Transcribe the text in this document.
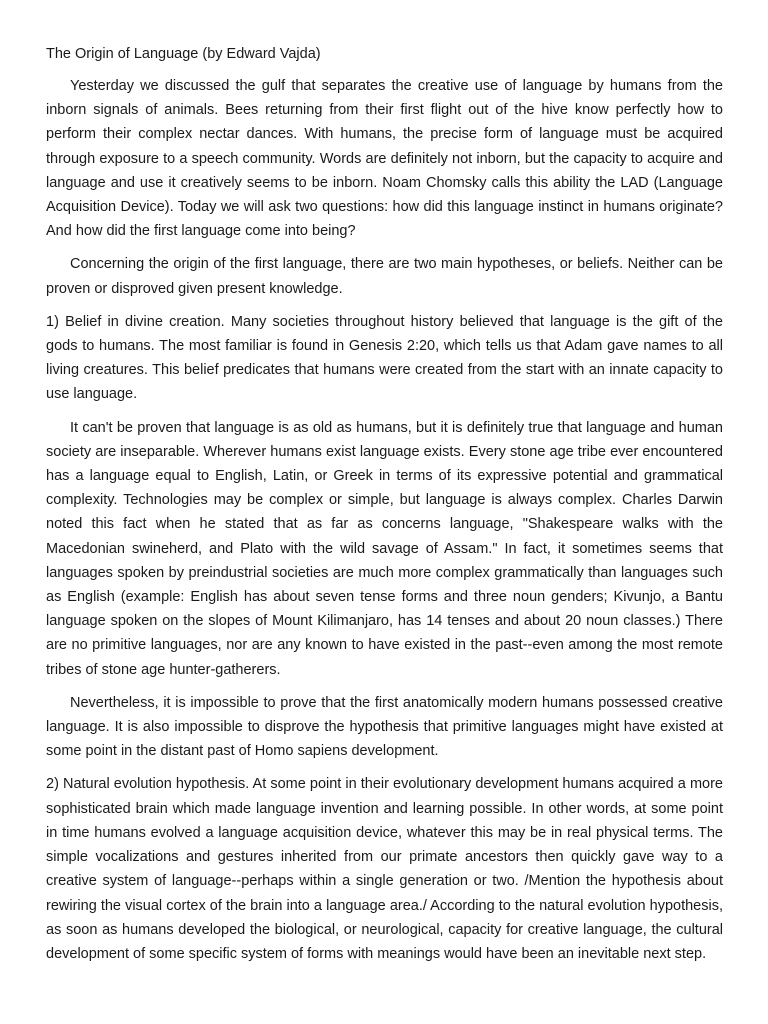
The Origin of Language (by Edward Vajda)

Yesterday we discussed the gulf that separates the creative use of language by humans from the inborn signals of animals. Bees returning from their first flight out of the hive know perfectly how to perform their complex nectar dances. With humans, the precise form of language must be acquired through exposure to a speech community. Words are definitely not inborn, but the capacity to acquire and language and use it creatively seems to be inborn. Noam Chomsky calls this ability the LAD (Language Acquisition Device). Today we will ask two questions: how did this language instinct in humans originate? And how did the first language come into being?

Concerning the origin of the first language, there are two main hypotheses, or beliefs. Neither can be proven or disproved given present knowledge.

1) Belief in divine creation. Many societies throughout history believed that language is the gift of the gods to humans. The most familiar is found in Genesis 2:20, which tells us that Adam gave names to all living creatures. This belief predicates that humans were created from the start with an innate capacity to use language.

It can't be proven that language is as old as humans, but it is definitely true that language and human society are inseparable. Wherever humans exist language exists. Every stone age tribe ever encountered has a language equal to English, Latin, or Greek in terms of its expressive potential and grammatical complexity. Technologies may be complex or simple, but language is always complex. Charles Darwin noted this fact when he stated that as far as concerns language, "Shakespeare walks with the Macedonian swineherd, and Plato with the wild savage of Assam." In fact, it sometimes seems that languages spoken by preindustrial societies are much more complex grammatically than languages such as English (example: English has about seven tense forms and three noun genders; Kivunjo, a Bantu language spoken on the slopes of Mount Kilimanjaro, has 14 tenses and about 20 noun classes.) There are no primitive languages, nor are any known to have existed in the past--even among the most remote tribes of stone age hunter-gatherers.

Nevertheless, it is impossible to prove that the first anatomically modern humans possessed creative language. It is also impossible to disprove the hypothesis that primitive languages might have existed at some point in the distant past of Homo sapiens development.

2) Natural evolution hypothesis. At some point in their evolutionary development humans acquired a more sophisticated brain which made language invention and learning possible. In other words, at some point in time humans evolved a language acquisition device, whatever this may be in real physical terms. The simple vocalizations and gestures inherited from our primate ancestors then quickly gave way to a creative system of language--perhaps within a single generation or two. /Mention the hypothesis about rewiring the visual cortex of the brain into a language area./ According to the natural evolution hypothesis, as soon as humans developed the biological, or neurological, capacity for creative language, the cultural development of some specific system of forms with meanings would have been an inevitable next step.
